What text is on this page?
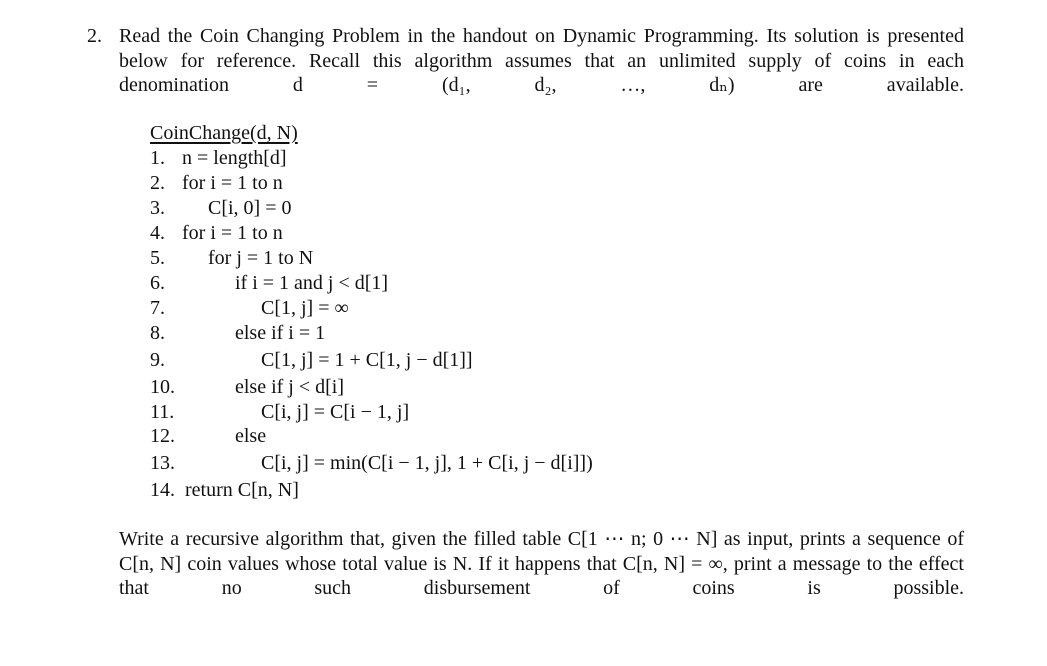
2. Read the Coin Changing Problem in the handout on Dynamic Programming. Its solution is presented below for reference. Recall this algorithm assumes that an unlimited supply of coins in each denomination d = (d₁, d₂, …, dₙ) are available.

CoinChange(d, N)
1. n = length[d]
2. for i = 1 to n
3. C[i, 0] = 0
4. for i = 1 to n
5. for j = 1 to N
6.	if i = 1 and j < d[1]
7.	C[1, j] = ∞
8.	else if i = 1
9.	C[1, j] = 1 + C[1, j − d[1]]
10.	else if j < d[i]
11.	C[i, j] = C[i − 1, j]
12.	else
13.	C[i, j] = min(C[i − 1, j], 1 + C[i, j − d[i]])
14. return C[n, N]

Write a recursive algorithm that, given the filled table C[1 ⋯ n; 0 ⋯ N] as input, prints a sequence of C[n, N] coin values whose total value is N. If it happens that C[n, N] = ∞, print a message to the effect that no such disbursement of coins is possible.
